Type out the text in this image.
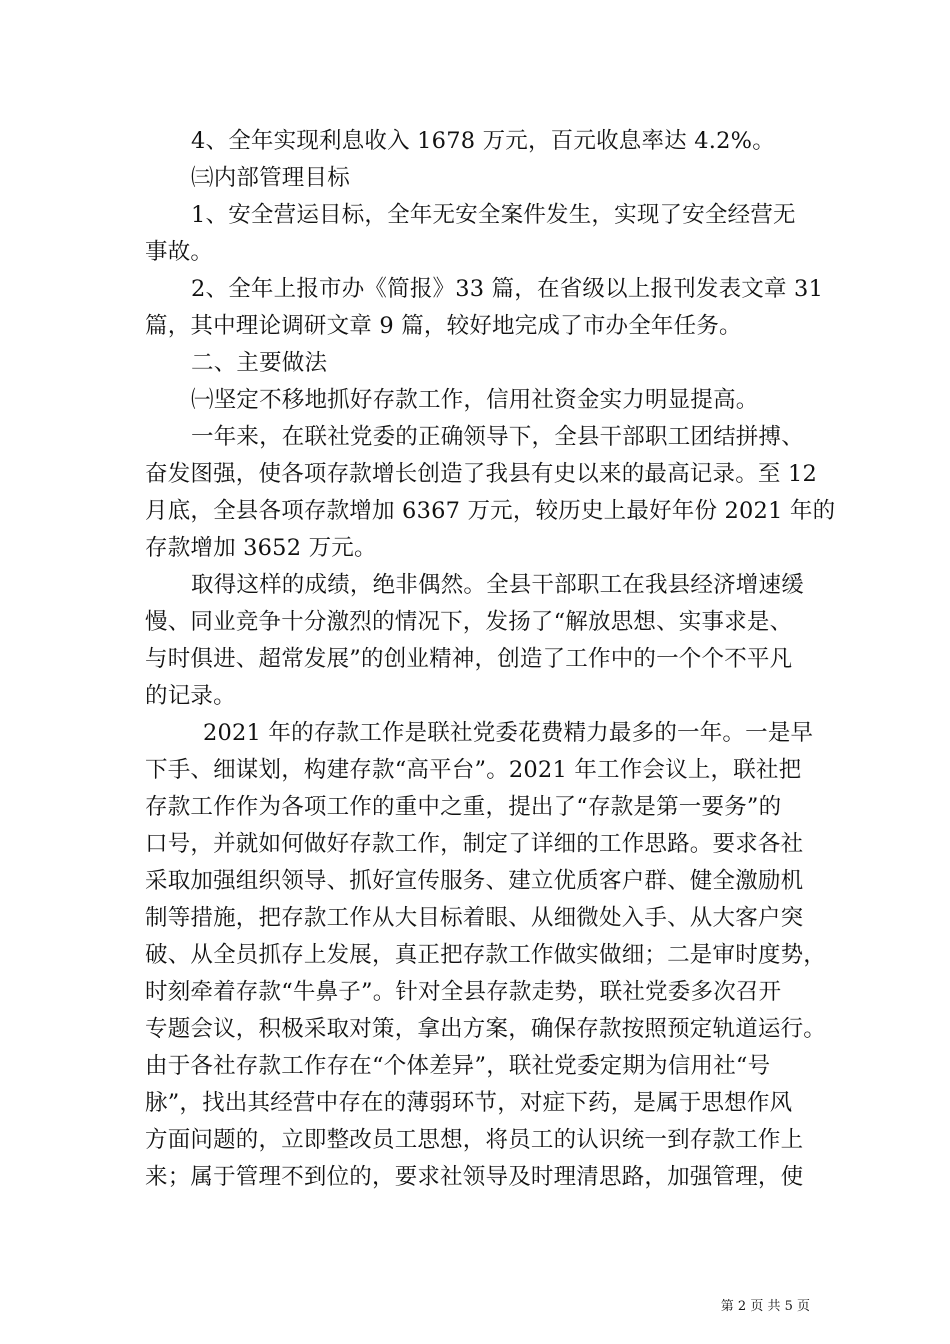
4、全年实现利息收入 1678 万元，百元收息率达 4.2%。
㈢内部管理目标
1、安全营运目标，全年无安全案件发生，实现了安全经营无
事故。
2、全年上报市办《简报》33 篇，在省级以上报刊发表文章 31
篇，其中理论调研文章 9 篇，较好地完成了市办全年任务。
二、主要做法
㈠坚定不移地抓好存款工作，信用社资金实力明显提高。
一年来，在联社党委的正确领导下，全县干部职工团结拼搏、
奋发图强，使各项存款增长创造了我县有史以来的最高记录。至 12
月底，全县各项存款增加 6367 万元，较历史上最好年份 2021 年的
存款增加 3652 万元。
取得这样的成绩，绝非偶然。全县干部职工在我县经济增速缓
慢、同业竞争十分激烈的情况下，发扬了“解放思想、实事求是、
与时俱进、超常发展”的创业精神，创造了工作中的一个个不平凡
的记录。
2021 年的存款工作是联社党委花费精力最多的一年。一是早
下手、细谋划，构建存款“高平台”。2021 年工作会议上，联社把
存款工作作为各项工作的重中之重，提出了“存款是第一要务”的
口号，并就如何做好存款工作，制定了详细的工作思路。要求各社
采取加强组织领导、抓好宣传服务、建立优质客户群、健全激励机
制等措施，把存款工作从大目标着眼、从细微处入手、从大客户突
破、从全员抓存上发展，真正把存款工作做实做细；二是审时度势，
时刻牵着存款“牛鼻子”。针对全县存款走势，联社党委多次召开
专题会议，积极采取对策，拿出方案，确保存款按照预定轨道运行。
由于各社存款工作存在“个体差异”，联社党委定期为信用社“号
脉”，找出其经营中存在的薄弱环节，对症下药，是属于思想作风
方面问题的，立即整改员工思想，将员工的认识统一到存款工作上
来；属于管理不到位的，要求社领导及时理清思路，加强管理，使
第 2 页 共 5 页
